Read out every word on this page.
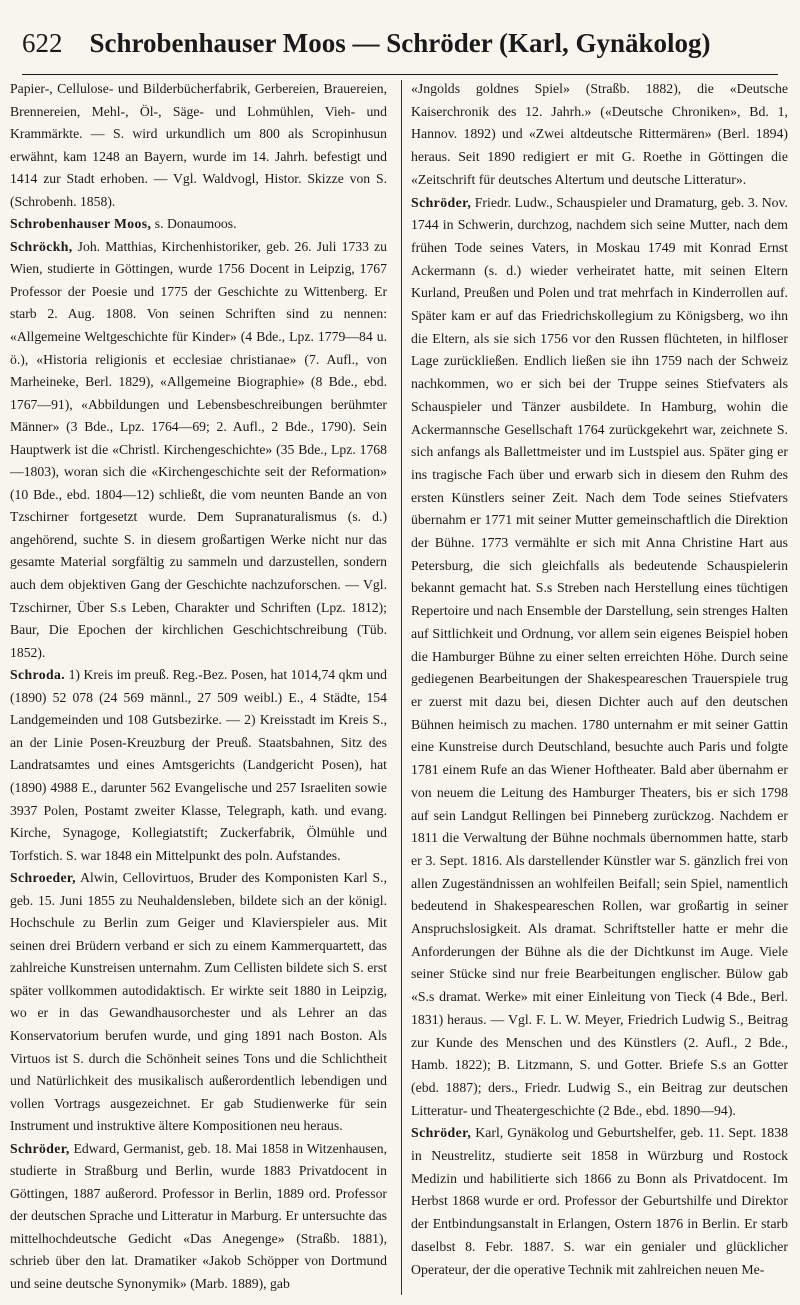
622 Schrobenhauser Moos — Schröder (Karl, Gynäkolog)

Papier-, Cellulose- und Bilderbücherfabrik, Gerbereien, Brauereien, Brennereien, Mehl-, Öl-, Säge- und Lohmühlen, Vieh- und Krammärkte. — S. wird urkundlich um 800 als Scropinhusun erwähnt, kam 1248 an Bayern, wurde im 14. Jahrh. befestigt und 1414 zur Stadt erhoben. — Vgl. Waldvogl, Histor. Skizze von S. (Schrobenh. 1858).

Schrobenhauser Moos, s. Donaumoos.

Schröckh, Joh. Matthias, Kirchenhistoriker, geb. 26. Juli 1733 zu Wien, studierte in Göttingen, wurde 1756 Docent in Leipzig, 1767 Professor der Poesie und 1775 der Geschichte zu Wittenberg. Er starb 2. Aug. 1808. Von seinen Schriften sind zu nennen: «Allgemeine Weltgeschichte für Kinder» (4 Bde., Lpz. 1779—84 u. ö.), «Historia religionis et ecclesiae christianae» (7. Aufl., von Marheineke, Berl. 1829), «Allgemeine Biographie» (8 Bde., ebd. 1767—91), «Abbildungen und Lebensbeschreibungen berühmter Männer» (3 Bde., Lpz. 1764—69; 2. Aufl., 2 Bde., 1790). Sein Hauptwerk ist die «Christl. Kirchengeschichte» (35 Bde., Lpz. 1768—1803), woran sich die «Kirchengeschichte seit der Reformation» (10 Bde., ebd. 1804—12) schließt, die vom neunten Bande an von Tzschirner fortgesetzt wurde. Dem Supranaturalismus (s. d.) angehörend, suchte S. in diesem großartigen Werke nicht nur das gesamte Material sorgfältig zu sammeln und darzustellen, sondern auch dem objektiven Gang der Geschichte nachzuforschen. — Vgl. Tzschirner, Über S.s Leben, Charakter und Schriften (Lpz. 1812); Baur, Die Epochen der kirchlichen Geschichtschreibung (Tüb. 1852).

Schroda. 1) Kreis im preuß. Reg.-Bez. Posen, hat 1014,74 qkm und (1890) 52 078 (24 569 männl., 27 509 weibl.) E., 4 Städte, 154 Landgemeinden und 108 Gutsbezirke. — 2) Kreisstadt im Kreis S., an der Linie Posen-Kreuzburg der Preuß. Staatsbahnen, Sitz des Landratsamtes und eines Amtsgerichts (Landgericht Posen), hat (1890) 4988 E., darunter 562 Evangelische und 257 Israeliten sowie 3937 Polen, Postamt zweiter Klasse, Telegraph, kath. und evang. Kirche, Synagoge, Kollegiatstift; Zuckerfabrik, Ölmühle und Torfstich. S. war 1848 ein Mittelpunkt des poln. Aufstandes.

Schroeder, Alwin, Cellovirtuos, Bruder des Komponisten Karl S., geb. 15. Juni 1855 zu Neuhaldensleben, bildete sich an der königl. Hochschule zu Berlin zum Geiger und Klavierspieler aus. Mit seinen drei Brüdern verband er sich zu einem Kammerquartett, das zahlreiche Kunstreisen unternahm. Zum Cellisten bildete sich S. erst später vollkommen autodidaktisch. Er wirkte seit 1880 in Leipzig, wo er in das Gewandhausorchester und als Lehrer an das Konservatorium berufen wurde, und ging 1891 nach Boston. Als Virtuos ist S. durch die Schönheit seines Tons und die Schlichtheit und Natürlichkeit des musikalisch außerordentlich lebendigen und vollen Vortrags ausgezeichnet. Er gab Studienwerke für sein Instrument und instruktive ältere Kompositionen neu heraus.

Schröder, Edward, Germanist, geb. 18. Mai 1858 in Witzenhausen, studierte in Straßburg und Berlin, wurde 1883 Privatdocent in Göttingen, 1887 außerord. Professor in Berlin, 1889 ord. Professor der deutschen Sprache und Litteratur in Marburg. Er untersuchte das mittelhochdeutsche Gedicht «Das Anegenge» (Straßb. 1881), schrieb über den lat. Dramatiker «Jakob Schöpper von Dortmund und seine deutsche Synonymik» (Marb. 1889), gab

«Jngolds goldnes Spiel» (Straßb. 1882), die «Deutsche Kaiserchronik des 12. Jahrh.» («Deutsche Chroniken», Bd. 1, Hannov. 1892) und «Zwei altdeutsche Rittermären» (Berl. 1894) heraus. Seit 1890 redigiert er mit G. Roethe in Göttingen die «Zeitschrift für deutsches Altertum und deutsche Litteratur».

Schröder, Friedr. Ludw., Schauspieler und Dramaturg, geb. 3. Nov. 1744 in Schwerin, durchzog, nachdem sich seine Mutter, nach dem frühen Tode seines Vaters, in Moskau 1749 mit Konrad Ernst Ackermann (s. d.) wieder verheiratet hatte, mit seinen Eltern Kurland, Preußen und Polen und trat mehrfach in Kinderrollen auf. Später kam er auf das Friedrichskollegium zu Königsberg, wo ihn die Eltern, als sie sich 1756 vor den Russen flüchteten, in hilfloser Lage zurückließen. Endlich ließen sie ihn 1759 nach der Schweiz nachkommen, wo er sich bei der Truppe seines Stiefvaters als Schauspieler und Tänzer ausbildete. In Hamburg, wohin die Ackermannsche Gesellschaft 1764 zurückgekehrt war, zeichnete S. sich anfangs als Ballettmeister und im Lustspiel aus. Später ging er ins tragische Fach über und erwarb sich in diesem den Ruhm des ersten Künstlers seiner Zeit. Nach dem Tode seines Stiefvaters übernahm er 1771 mit seiner Mutter gemeinschaftlich die Direktion der Bühne. 1773 vermählte er sich mit Anna Christine Hart aus Petersburg, die sich gleichfalls als bedeutende Schauspielerin bekannt gemacht hat. S.s Streben nach Herstellung eines tüchtigen Repertoire und nach Ensemble der Darstellung, sein strenges Halten auf Sittlichkeit und Ordnung, vor allem sein eigenes Beispiel hoben die Hamburger Bühne zu einer selten erreichten Höhe. Durch seine gediegenen Bearbeitungen der Shakespeareschen Trauerspiele trug er zuerst mit dazu bei, diesen Dichter auch auf den deutschen Bühnen heimisch zu machen. 1780 unternahm er mit seiner Gattin eine Kunstreise durch Deutschland, besuchte auch Paris und folgte 1781 einem Rufe an das Wiener Hoftheater. Bald aber übernahm er von neuem die Leitung des Hamburger Theaters, bis er sich 1798 auf sein Landgut Rellingen bei Pinneberg zurückzog. Nachdem er 1811 die Verwaltung der Bühne nochmals übernommen hatte, starb er 3. Sept. 1816. Als darstellender Künstler war S. gänzlich frei von allen Zugeständnissen an wohlfeilen Beifall; sein Spiel, namentlich bedeutend in Shakespeareschen Rollen, war großartig in seiner Anspruchslosigkeit. Als dramat. Schriftsteller hatte er mehr die Anforderungen der Bühne als die der Dichtkunst im Auge. Viele seiner Stücke sind nur freie Bearbeitungen englischer. Bülow gab «S.s dramat. Werke» mit einer Einleitung von Tieck (4 Bde., Berl. 1831) heraus. — Vgl. F. L. W. Meyer, Friedrich Ludwig S., Beitrag zur Kunde des Menschen und des Künstlers (2. Aufl., 2 Bde., Hamb. 1822); B. Litzmann, S. und Gotter. Briefe S.s an Gotter (ebd. 1887); ders., Friedr. Ludwig S., ein Beitrag zur deutschen Litteratur- und Theatergeschichte (2 Bde., ebd. 1890—94).

Schröder, Karl, Gynäkolog und Geburtshelfer, geb. 11. Sept. 1838 in Neustrelitz, studierte seit 1858 in Würzburg und Rostock Medizin und habilitierte sich 1866 zu Bonn als Privatdocent. Im Herbst 1868 wurde er ord. Professor der Geburtshilfe und Direktor der Entbindungsanstalt in Erlangen, Ostern 1876 in Berlin. Er starb daselbst 8. Febr. 1887. S. war ein genialer und glücklicher Operateur, der die operative Technik mit zahlreichen neuen Me-
